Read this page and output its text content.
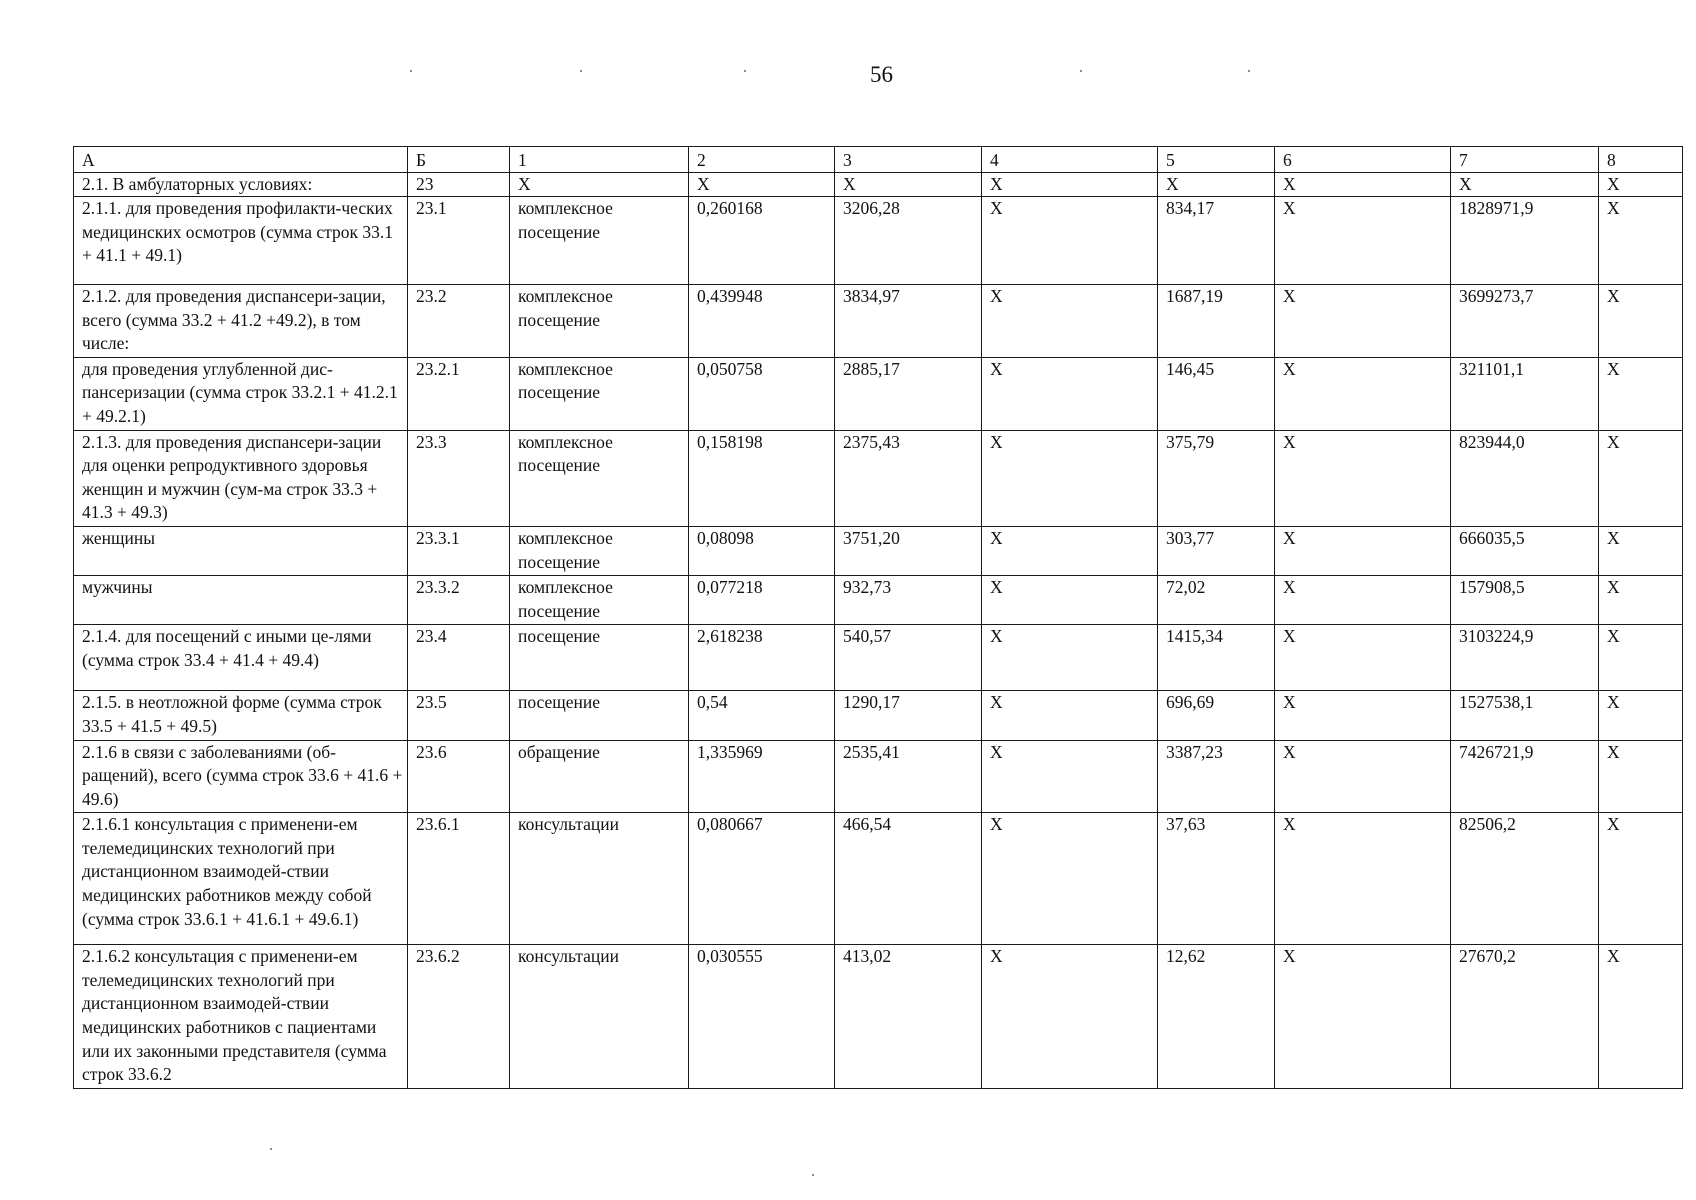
56
А	Б	1	2	3	4	5	6	7	8
2.1. В амбулаторных условиях:	23	Х	Х	Х	Х	Х	Х	Х	Х
2.1.1. для проведения профилакти-ческих медицинских осмотров (сумма строк 33.1 + 41.1 + 49.1)	23.1	комплексное посещение	0,260168	3206,28	Х	834,17	Х	1828971,9	Х
2.1.2. для проведения диспансери-зации, всего (сумма 33.2 + 41.2 +49.2), в том числе:	23.2	комплексное посещение	0,439948	3834,97	Х	1687,19	Х	3699273,7	Х
для проведения углубленной дис-пансеризации (сумма строк 33.2.1 + 41.2.1 + 49.2.1)	23.2.1	комплексное посещение	0,050758	2885,17	Х	146,45	Х	321101,1	Х
2.1.3. для проведения диспансери-зации для оценки репродуктивного здоровья женщин и мужчин (сум-ма строк 33.3 + 41.3 + 49.3)	23.3	комплексное посещение	0,158198	2375,43	Х	375,79	Х	823944,0	Х
женщины	23.3.1	комплексное посещение	0,08098	3751,20	Х	303,77	Х	666035,5	Х
мужчины	23.3.2	комплексное посещение	0,077218	932,73	Х	72,02	Х	157908,5	Х
2.1.4. для посещений с иными це-лями (сумма строк 33.4 + 41.4 + 49.4)	23.4	посещение	2,618238	540,57	Х	1415,34	Х	3103224,9	Х
2.1.5. в неотложной форме (сумма строк 33.5 + 41.5 + 49.5)	23.5	посещение	0,54	1290,17	Х	696,69	Х	1527538,1	Х
2.1.6 в связи с заболеваниями (об-ращений), всего (сумма строк 33.6 + 41.6 + 49.6)	23.6	обращение	1,335969	2535,41	Х	3387,23	Х	7426721,9	Х
2.1.6.1 консультация с применени-ем телемедицинских технологий при дистанционном взаимодей-ствии медицинских работников между собой (сумма строк 33.6.1 + 41.6.1 + 49.6.1)	23.6.1	консультации	0,080667	466,54	Х	37,63	Х	82506,2	Х
2.1.6.2 консультация с применени-ем телемедицинских технологий при дистанционном взаимодей-ствии медицинских работников с пациентами или их законными представителя (сумма строк 33.6.2	23.6.2	консультации	0,030555	413,02	Х	12,62	Х	27670,2	Х
